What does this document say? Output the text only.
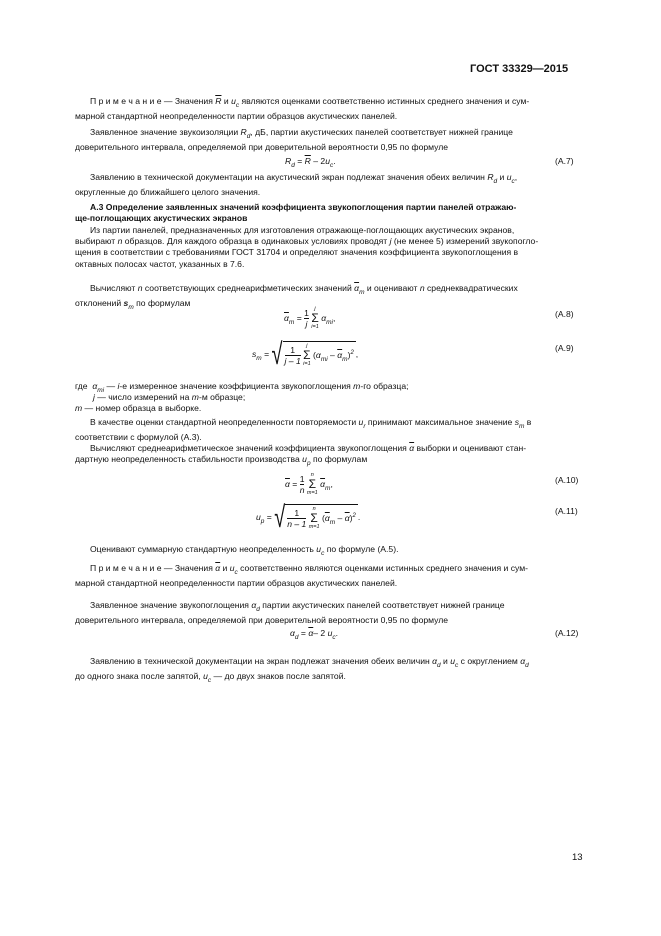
ГОСТ 33329—2015
П р и м е ч а н и е — Значения $\overline{R}$ и $u_c$ являются оценками соответственно истинных среднего значения и сум-
марной стандартной неопределенности партии образцов акустических панелей.
Заявленное значение звукоизоляции $R_d$, дБ, партии акустических панелей соответствует нижней границе
доверительного интервала, определяемой при доверительной вероятности 0,95 по формуле
$R_d = \overline{R} - 2u_c$.	(A.7)
Заявлению в технической документации на акустический экран подлежат значения обеих величин $R_d$ и $u_c$,
округленные до ближайшего целого значения.
А.3 Определение заявленных значений коэффициента звукопоглощения партии панелей отражаю-
ще-поглощающих акустических экранов
Из партии панелей, предназначенных для изготовления отражающе-поглощающих акустических экранов,
выбирают n образцов. Для каждого образца в одинаковых условиях проводят j (не менее 5) измерений звукопогло-
щения в соответствии с требованиями ГОСТ 31704 и определяют значения коэффициента звукопоглощения в
октавных полосах частот, указанных в 7.6.
Вычисляют n соответствующих среднеарифметических значений $\overline{\alpha}_m$ и оценивают n среднеквадратических
отклонений $s_m$ по формулам
$\overline{\alpha}_m = \frac{1}{j}$
	j
Σ
i=1
$\alpha_{mi}$,	(A.8)
$s_m$ = √ $\frac{1}{j - 1}$
	j
Σ
i=1
$(\alpha_{mi} - \overline{\alpha}_m)^2$ ,
(A.9)
где $\alpha_{mi}$ — i-е измеренное значение коэффициента звукопоглощения m-го образца;
j — число измерений на m-м образце;
m — номер образца в выборке.
В качестве оценки стандартной неопределенности повторяемости $u_r$ принимают максимальное значение $s_m$ в
соответствии с формулой (А.3).
Вычисляют среднеарифметическое значений коэффициента звукопоглощения $\overline{\alpha}$ выборки и оценивают стан-
дартную неопределенность стабильности производства $u_p$ по формулам
$\overline{\alpha} = \frac{1}{n}$
	n
Σ
m=1
$\overline{\alpha}_m$,	(A.10)
$u_p$ = √ $\frac{1}{n - 1}$
	n
Σ
m=1
$(\overline{\alpha}_m - \overline{\alpha})^2$ .
(A.11)
Оценивают суммарную стандартную неопределенность $u_c$ по формуле (А.5).
П р и м е ч а н и е — Значения $\overline{\alpha}$ и $u_c$ соответственно являются оценками истинных среднего значения и сум-
марной стандартной неопределенности партии образцов акустических панелей.
Заявленное значение звукопоглощения $\alpha_d$ партии акустических панелей соответствует нижней границе
доверительного интервала, определяемой при доверительной вероятности 0,95 по формуле
$\alpha_d = \overline{\alpha}-$ 2 $u_c$.	(A.12)
Заявлению в технической документации на экран подлежат значения обеих величин $\alpha_d$ и $u_c$ с округлением $\alpha_d$
до одного знака после запятой, $u_c$ — до двух знаков после запятой.
13
